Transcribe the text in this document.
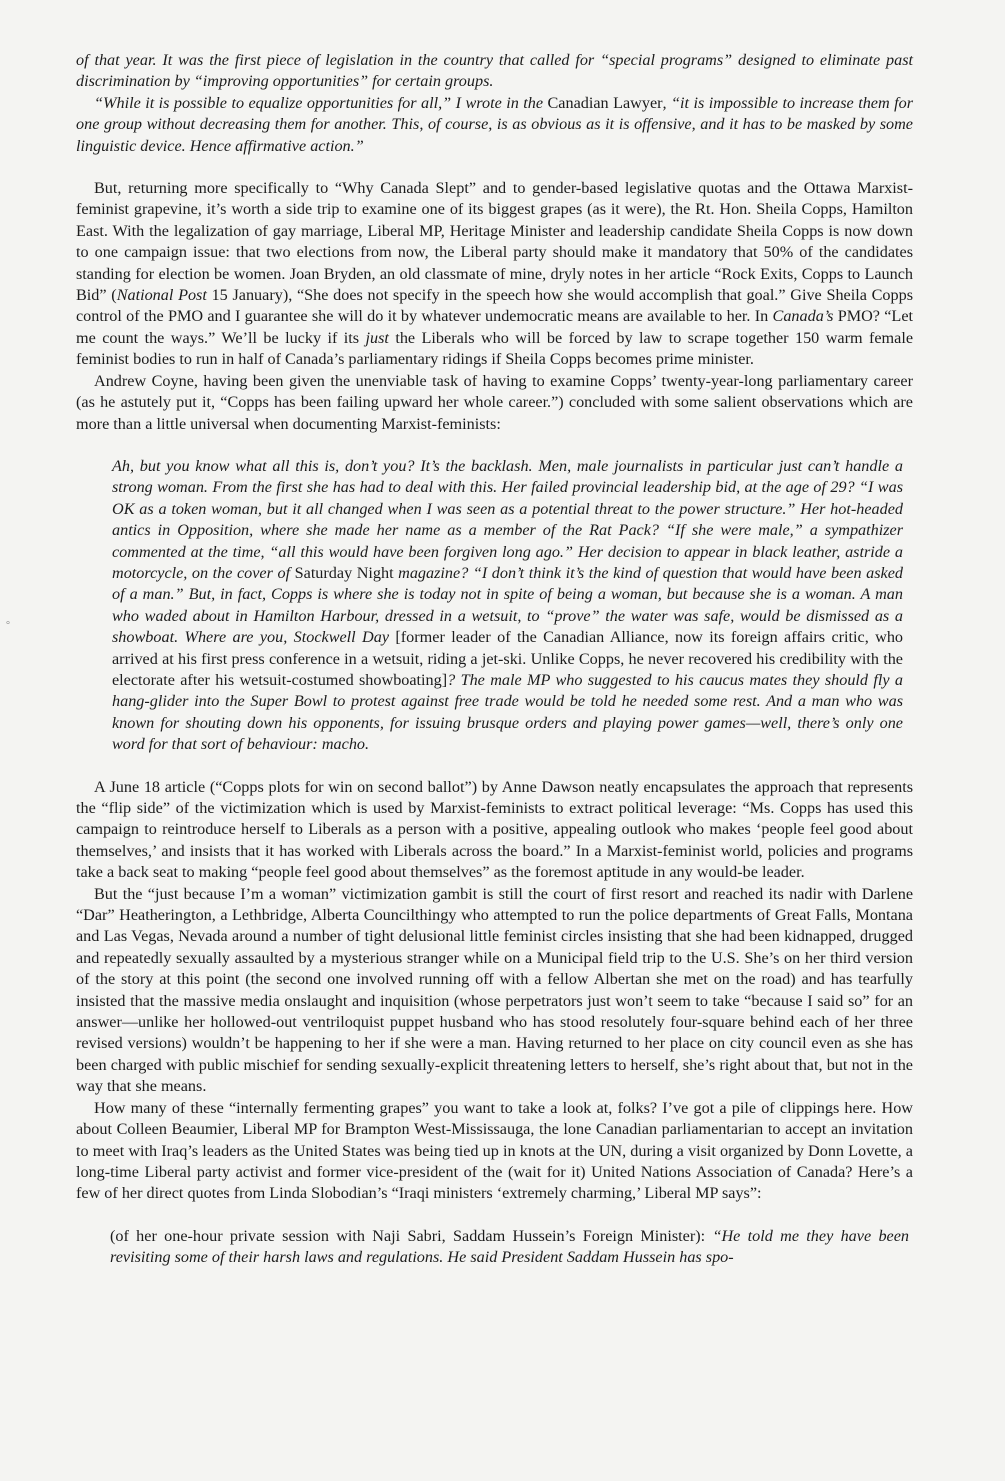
of that year. It was the first piece of legislation in the country that called for “special programs” designed to eliminate past discrimination by “improving opportunities” for certain groups.

“While it is possible to equalize opportunities for all,” I wrote in the Canadian Lawyer, “it is impossible to increase them for one group without decreasing them for another. This, of course, is as obvious as it is offensive, and it has to be masked by some linguistic device. Hence affirmative action.”

But, returning more specifically to “Why Canada Slept” and to gender-based legislative quotas and the Ottawa Marxist-feminist grapevine, it’s worth a side trip to examine one of its biggest grapes (as it were), the Rt. Hon. Sheila Copps, Hamilton East. With the legalization of gay marriage, Liberal MP, Heritage Minister and leadership candidate Sheila Copps is now down to one campaign issue: that two elections from now, the Liberal party should make it mandatory that 50% of the candidates standing for election be women. Joan Bryden, an old classmate of mine, dryly notes in her article “Rock Exits, Copps to Launch Bid” (National Post 15 January), “She does not specify in the speech how she would accomplish that goal.” Give Sheila Copps control of the PMO and I guarantee she will do it by whatever undemocratic means are available to her. In Canada’s PMO? “Let me count the ways.” We’ll be lucky if its just the Liberals who will be forced by law to scrape together 150 warm female feminist bodies to run in half of Canada’s parliamentary ridings if Sheila Copps becomes prime minister.

Andrew Coyne, having been given the unenviable task of having to examine Copps’ twenty-year-long parliamentary career (as he astutely put it, “Copps has been failing upward her whole career.”) concluded with some salient observations which are more than a little universal when documenting Marxist-feminists:

Ah, but you know what all this is, don’t you? It’s the backlash. Men, male journalists in particular just can’t handle a strong woman. From the first she has had to deal with this. Her failed provincial leadership bid, at the age of 29? “I was OK as a token woman, but it all changed when I was seen as a potential threat to the power structure.” Her hot-headed antics in Opposition, where she made her name as a member of the Rat Pack? “If she were male,” a sympathizer commented at the time, “all this would have been forgiven long ago.” Her decision to appear in black leather, astride a motorcycle, on the cover of Saturday Night magazine? “I don’t think it’s the kind of question that would have been asked of a man.” But, in fact, Copps is where she is today not in spite of being a woman, but because she is a woman. A man who waded about in Hamilton Harbour, dressed in a wetsuit, to “prove” the water was safe, would be dismissed as a showboat. Where are you, Stockwell Day [former leader of the Canadian Alliance, now its foreign affairs critic, who arrived at his first press conference in a wetsuit, riding a jet-ski. Unlike Copps, he never recovered his credibility with the electorate after his wetsuit-costumed showboating]? The male MP who suggested to his caucus mates they should fly a hang-glider into the Super Bowl to protest against free trade would be told he needed some rest. And a man who was known for shouting down his opponents, for issuing brusque orders and playing power games—well, there’s only one word for that sort of behaviour: macho.

A June 18 article (“Copps plots for win on second ballot”) by Anne Dawson neatly encapsulates the approach that represents the “flip side” of the victimization which is used by Marxist-feminists to extract political leverage: “Ms. Copps has used this campaign to reintroduce herself to Liberals as a person with a positive, appealing outlook who makes ‘people feel good about themselves,’ and insists that it has worked with Liberals across the board.” In a Marxist-feminist world, policies and programs take a back seat to making “people feel good about themselves” as the foremost aptitude in any would-be leader.

But the “just because I’m a woman” victimization gambit is still the court of first resort and reached its nadir with Darlene “Dar” Heatherington, a Lethbridge, Alberta Councilthingy who attempted to run the police departments of Great Falls, Montana and Las Vegas, Nevada around a number of tight delusional little feminist circles insisting that she had been kidnapped, drugged and repeatedly sexually assaulted by a mysterious stranger while on a Municipal field trip to the U.S. She’s on her third version of the story at this point (the second one involved running off with a fellow Albertan she met on the road) and has tearfully insisted that the massive media onslaught and inquisition (whose perpetrators just won’t seem to take “because I said so” for an answer—unlike her hollowed-out ventriloquist puppet husband who has stood resolutely four-square behind each of her three revised versions) wouldn’t be happening to her if she were a man. Having returned to her place on city council even as she has been charged with public mischief for sending sexually-explicit threatening letters to herself, she’s right about that, but not in the way that she means.

How many of these “internally fermenting grapes” you want to take a look at, folks? I’ve got a pile of clippings here. How about Colleen Beaumier, Liberal MP for Brampton West-Mississauga, the lone Canadian parliamentarian to accept an invitation to meet with Iraq’s leaders as the United States was being tied up in knots at the UN, during a visit organized by Donn Lovette, a long-time Liberal party activist and former vice-president of the (wait for it) United Nations Association of Canada? Here’s a few of her direct quotes from Linda Slobodian’s “Iraqi ministers ‘extremely charming,’ Liberal MP says”:

(of her one-hour private session with Naji Sabri, Saddam Hussein’s Foreign Minister): “He told me they have been revisiting some of their harsh laws and regulations. He said President Saddam Hussein has spo-

°
